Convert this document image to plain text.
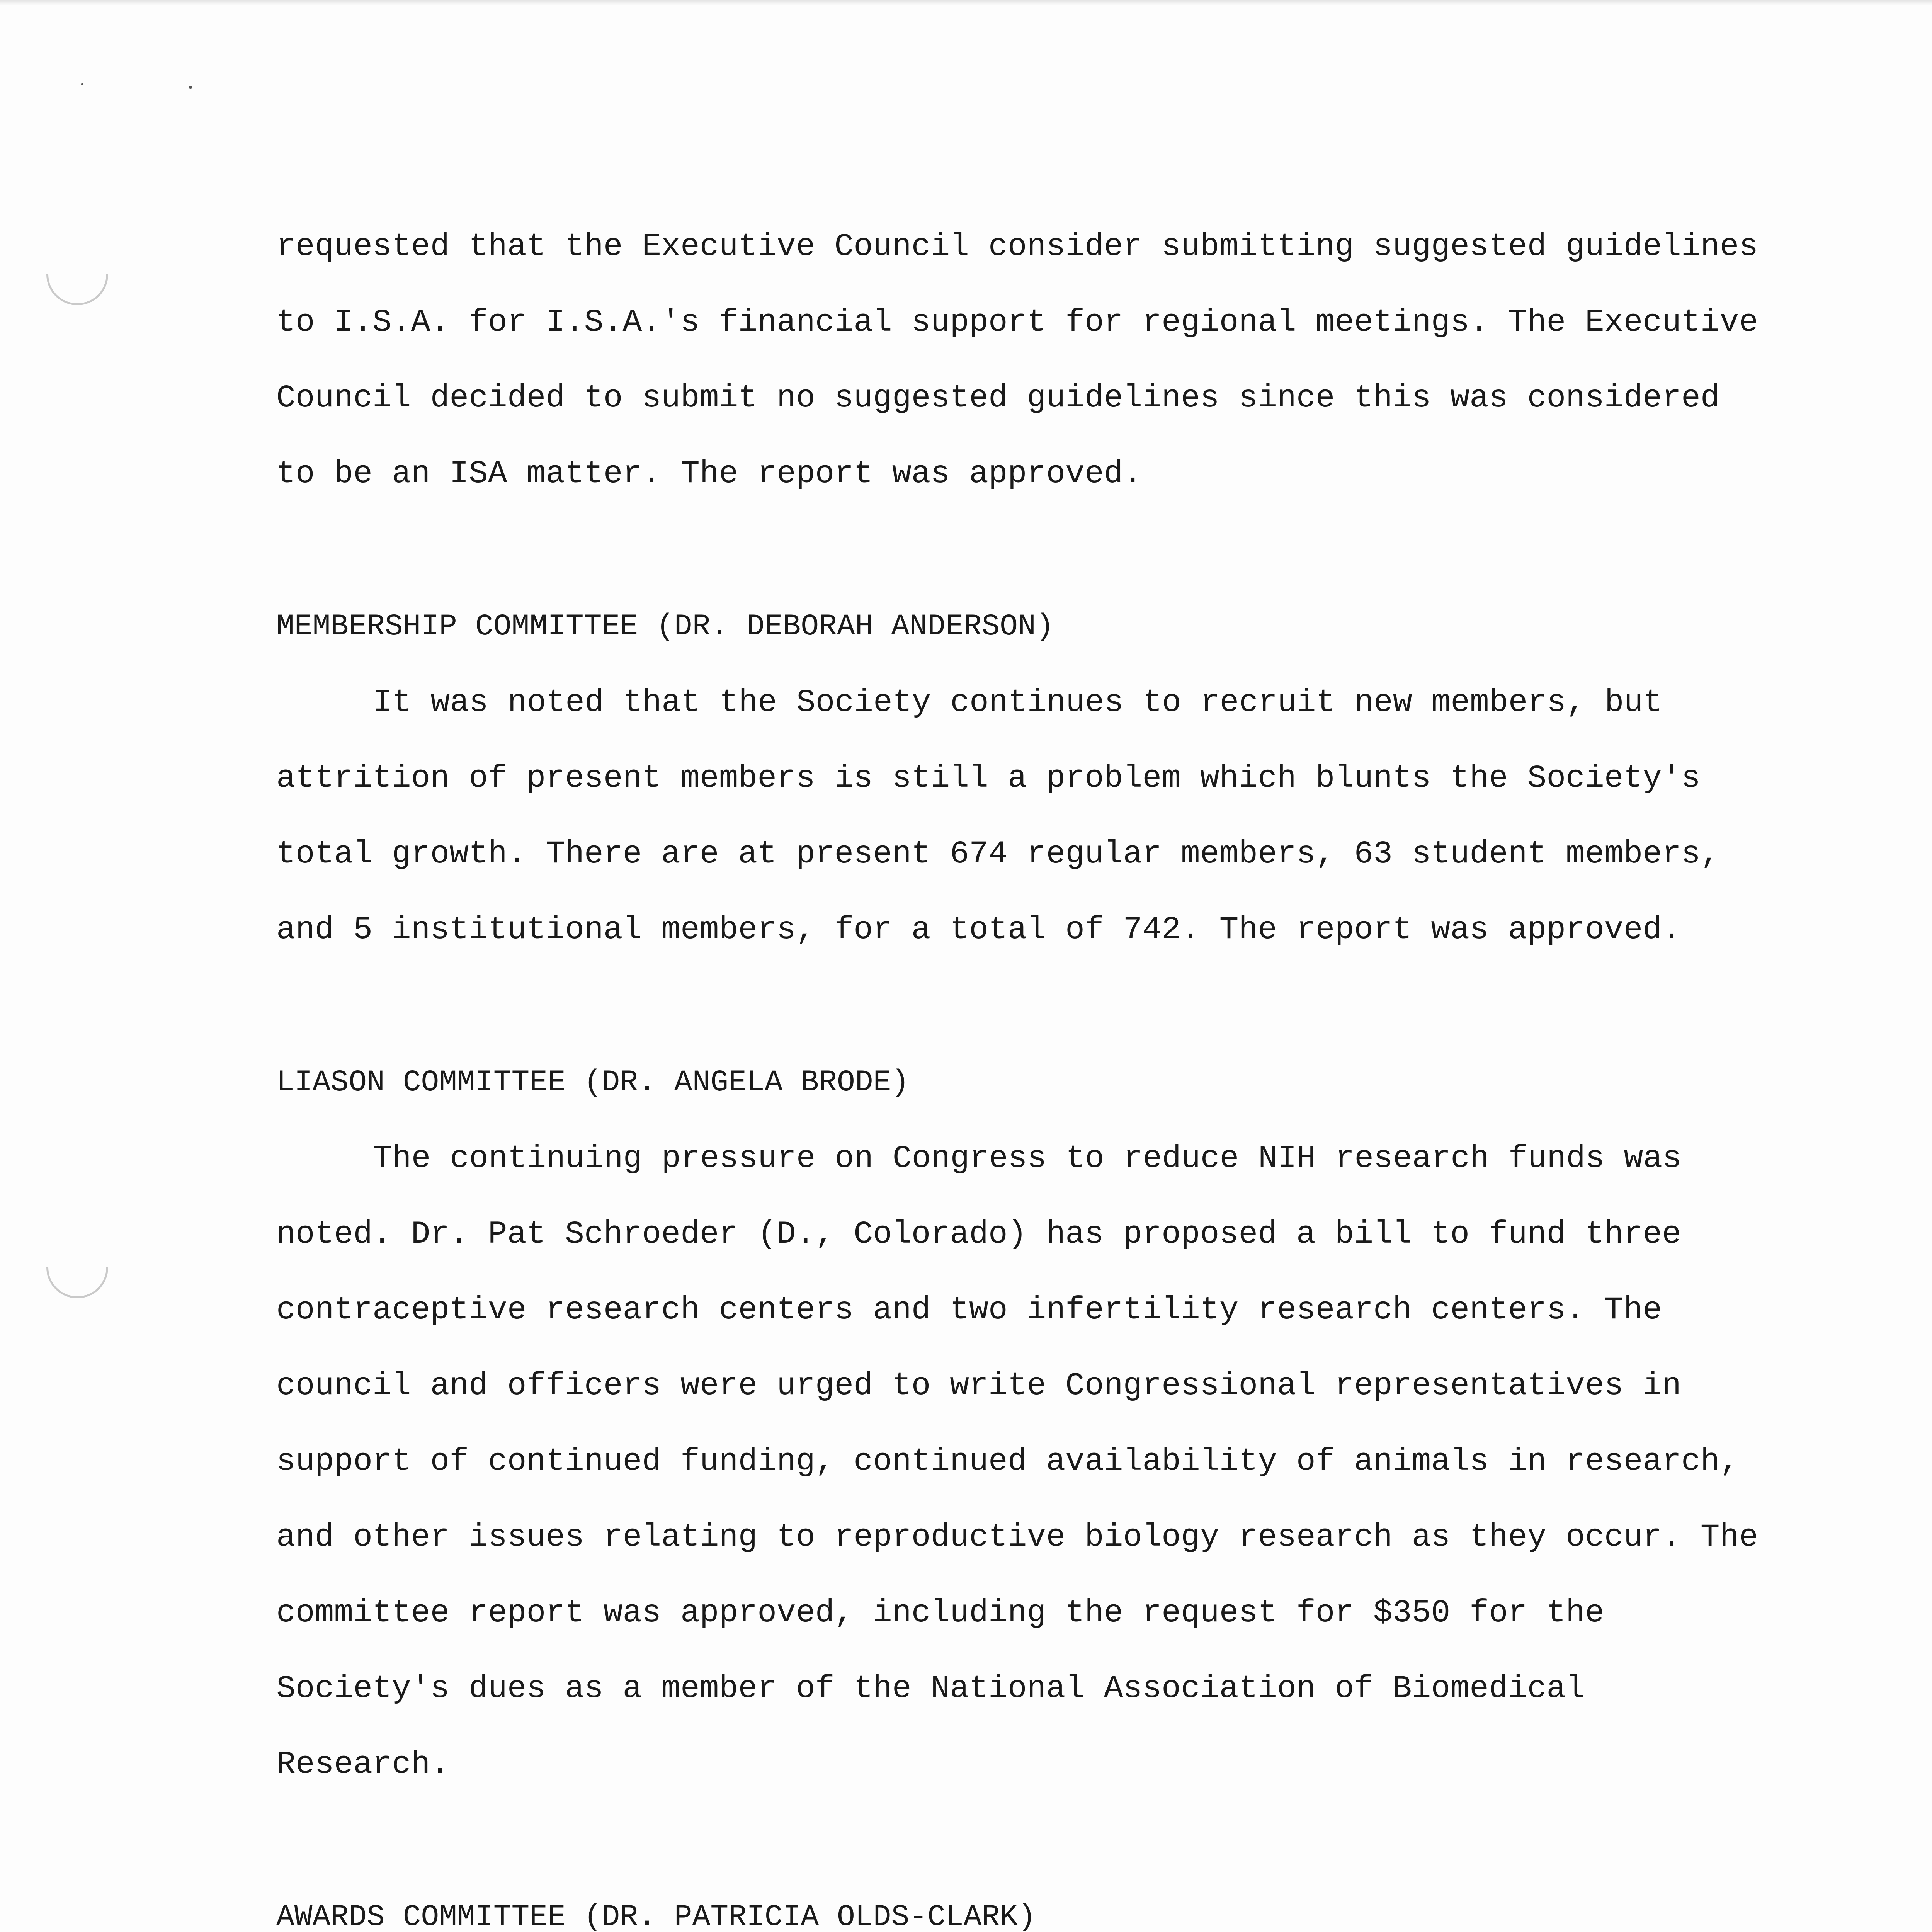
requested that the Executive Council consider submitting suggested guidelines
to I.S.A. for I.S.A.'s financial support for regional meetings. The Executive
Council decided to submit no suggested guidelines since this was considered
to be an ISA matter. The report was approved.
MEMBERSHIP COMMITTEE (DR. DEBORAH ANDERSON)
It was noted that the Society continues to recruit new members, but
attrition of present members is still a problem which blunts the Society's
total growth. There are at present 674 regular members, 63 student members,
and 5 institutional members, for a total of 742. The report was approved.
LIASON COMMITTEE (DR. ANGELA BRODE)
The continuing pressure on Congress to reduce NIH research funds was
noted. Dr. Pat Schroeder (D., Colorado) has proposed a bill to fund three
contraceptive research centers and two infertility research centers. The
council and officers were urged to write Congressional representatives in
support of continued funding, continued availability of animals in research,
and other issues relating to reproductive biology research as they occur. The
committee report was approved, including the request for $350 for the
Society's dues as a member of the National Association of Biomedical
Research.
AWARDS COMMITTEE (DR. PATRICIA OLDS-CLARK)
